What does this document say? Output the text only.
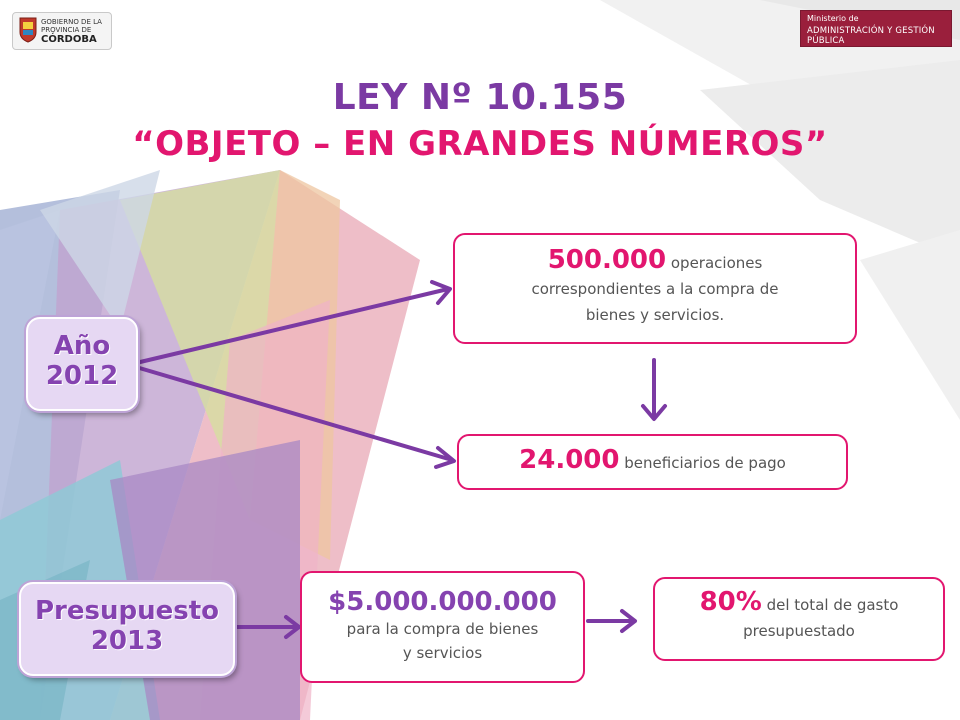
GOBIERNO DE LA
PROVINCIA DE
CÓRDOBA
Ministerio de
ADMINISTRACIÓN Y GESTIÓN PÚBLICA
LEY Nº 10.155
“OBJETO – EN GRANDES NÚMEROS”
Año
2012
Presupuesto
2013
500.000 operaciones
correspondientes a la compra de
bienes y servicios.
24.000 beneficiarios de pago
$5.000.000.000
para la compra de bienes
y servicios
80% del total de gasto
presupuestado
